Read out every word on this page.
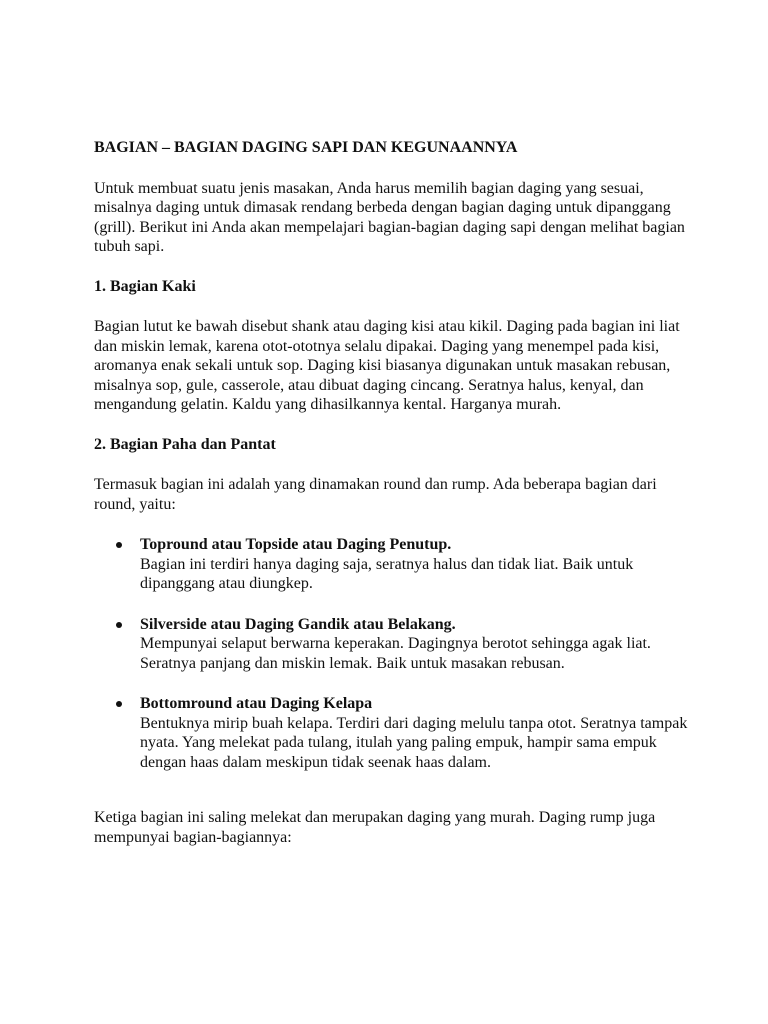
BAGIAN – BAGIAN DAGING SAPI DAN KEGUNAANNYA

Untuk membuat suatu jenis masakan, Anda harus memilih bagian daging yang sesuai, misalnya daging untuk dimasak rendang berbeda dengan bagian daging untuk dipanggang (grill). Berikut ini Anda akan mempelajari bagian-bagian daging sapi dengan melihat bagian tubuh sapi.

1. Bagian Kaki

Bagian lutut ke bawah disebut shank atau daging kisi atau kikil. Daging pada bagian ini liat dan miskin lemak, karena otot-ototnya selalu dipakai. Daging yang menempel pada kisi, aromanya enak sekali untuk sop. Daging kisi biasanya digunakan untuk masakan rebusan, misalnya sop, gule, casserole, atau dibuat daging cincang. Seratnya halus, kenyal, dan mengandung gelatin. Kaldu yang dihasilkannya kental. Harganya murah.

2. Bagian Paha dan Pantat

Termasuk bagian ini adalah yang dinamakan round dan rump. Ada beberapa bagian dari round, yaitu:

Topround atau Topside atau Daging Penutup.
Bagian ini terdiri hanya daging saja, seratnya halus dan tidak liat. Baik untuk dipanggang atau diungkep.
Silverside atau Daging Gandik atau Belakang.
Mempunyai selaput berwarna keperakan. Dagingnya berotot sehingga agak liat. Seratnya panjang dan miskin lemak. Baik untuk masakan rebusan.
Bottomround atau Daging Kelapa
Bentuknya mirip buah kelapa. Terdiri dari daging melulu tanpa otot. Seratnya tampak nyata. Yang melekat pada tulang, itulah yang paling empuk, hampir sama empuk dengan haas dalam meskipun tidak seenak haas dalam.

Ketiga bagian ini saling melekat dan merupakan daging yang murah. Daging rump juga mempunyai bagian-bagiannya:
